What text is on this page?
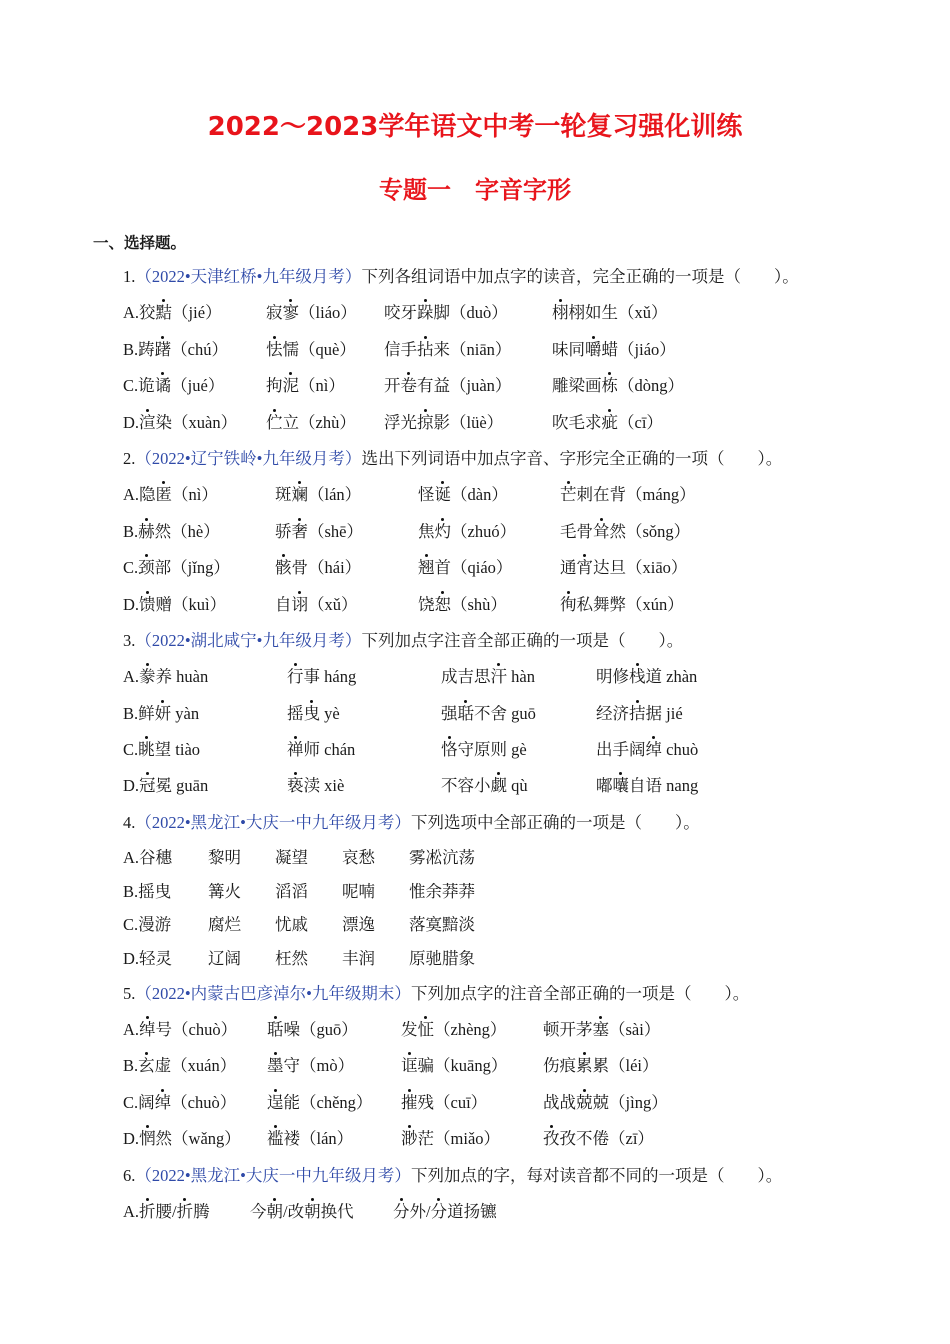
2022～2023学年语文中考一轮复习强化训练
专题一　字音字形
一、选择题。
1.（2022•天津红桥•九年级月考）下列各组词语中加点字的读音，完全正确的一项是（　　）。
A.狡黠（jié）	寂寥（liáo） 咬牙跺脚（duò）	栩栩如生（xǔ）
B.踌躇（chú） 怯懦（què） 信手拈来（niān） 味同嚼蜡（jiáo）
C.诡谲（jué）	拘泥（nì） 开卷有益（juàn） 雕梁画栋（dòng）
D.渲染（xuàn） 伫立（zhù） 浮光掠影（lüè）	吹毛求疵（cī）
2.（2022•辽宁铁岭•九年级月考）选出下列词语中加点字音、字形完全正确的一项（　　）。
A.隐匿（nì）	斑斓（lán）	怪诞（dàn）	芒刺在背（máng）
B.赫然（hè）	骄奢（shē）	焦灼（zhuó）	毛骨耸然（sǒng）
C.颈部（jǐng）	骸骨（hái）	翘首（qiáo）	通宵达旦（xiāo）
D.馈赠（kuì）	自诩（xǔ）	饶恕（shù）	徇私舞弊（xún）
3.（2022•湖北咸宁•九年级月考）下列加点字注音全部正确的一项是（　　）。
A.豢养 huàn	行事 háng	成吉思汗 hàn	明修栈道 zhàn
B.鲜妍 yàn	摇曳 yè	强聒不舍 guō	经济拮据 jié
C.眺望 tiào	禅师 chán	恪守原则 gè	出手阔绰 chuò
D.冠冕 guān	亵渎 xiè	不容小觑 qù	嘟囔自语 nang
4.（2022•黑龙江•大庆一中九年级月考）下列选项中全部正确的一项是（　　）。
A.谷穗 黎明 凝望 哀愁 雾凇沆荡
B.摇曳 篝火 滔滔 呢喃 惟余莽莽
C.漫游 腐烂 忧戚 漂逸 落寞黯淡
D.轻灵 辽阔 枉然 丰润 原驰腊象
5.（2022•内蒙古巴彦淖尔•九年级期末）下列加点字的注音全部正确的一项是（　　）。
A.绰号（chuò） 聒噪（guō）	发怔（zhèng） 顿开茅塞（sài）
B.玄虚（xuán） 墨守（mò）	诓骗（kuāng） 伤痕累累（léi）
C.阔绰（chuò） 逞能（chěng） 摧残（cuī）	战战兢兢（jìng）
D.惘然（wǎng） 褴褛（lán）	渺茫（miǎo）	孜孜不倦（zī）
6.（2022•黑龙江•大庆一中九年级月考）下列加点的字，每对读音都不同的一项是（　　）。
A.折腰/折腾 今朝/改朝换代 分外/分道扬镳
